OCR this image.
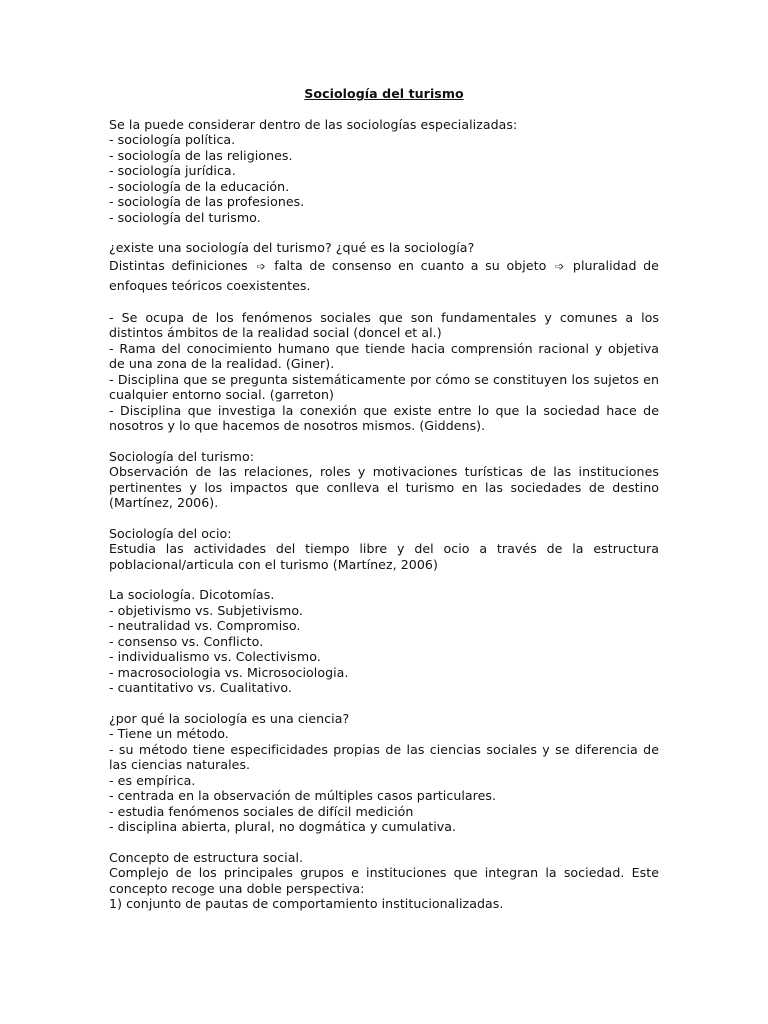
Sociología del turismo

Se la puede considerar dentro de las sociologías especializadas:

- sociología política.

- sociología de las religiones.

- sociología jurídica.

- sociología de la educación.

- sociología de las profesiones.

- sociología del turismo.

¿existe una sociología del turismo? ¿qué es la sociología?

Distintas definiciones ➩ falta de consenso en cuanto a su objeto ➩ pluralidad de enfoques teóricos coexistentes.

- Se ocupa de los fenómenos sociales que son fundamentales y comunes a los distintos ámbitos de la realidad social (doncel et al.)

- Rama del conocimiento humano que tiende hacia comprensión racional y objetiva de una zona de la realidad. (Giner).

- Disciplina que se pregunta sistemáticamente por cómo se constituyen los sujetos en cualquier entorno social. (garreton)

- Disciplina que investiga la conexión que existe entre lo que la sociedad hace de nosotros y lo que hacemos de nosotros mismos. (Giddens).

Sociología del turismo:

Observación de las relaciones, roles y motivaciones turísticas de las instituciones pertinentes y los impactos que conlleva el turismo en las sociedades de destino (Martínez, 2006).

Sociología del ocio:

Estudia las actividades del tiempo libre y del ocio a través de la estructura poblacional/articula con el turismo (Martínez, 2006)

La sociología. Dicotomías.

- objetivismo vs. Subjetivismo.

- neutralidad vs. Compromiso.

- consenso vs. Conflicto.

- individualismo vs. Colectivismo.

- macrosociologia vs. Microsociologia.

- cuantitativo vs. Cualitativo.

¿por qué la sociología es una ciencia?

- Tiene un método.

- su método tiene especificidades propias de las ciencias sociales y se diferencia de las ciencias naturales.

- es empírica.

- centrada en la observación de múltiples casos particulares.

- estudia fenómenos sociales de difícil medición

- disciplina abierta, plural, no dogmática y cumulativa.

Concepto de estructura social.

Complejo de los principales grupos e instituciones que integran la sociedad. Este concepto recoge una doble perspectiva:

1) conjunto de pautas de comportamiento institucionalizadas.
